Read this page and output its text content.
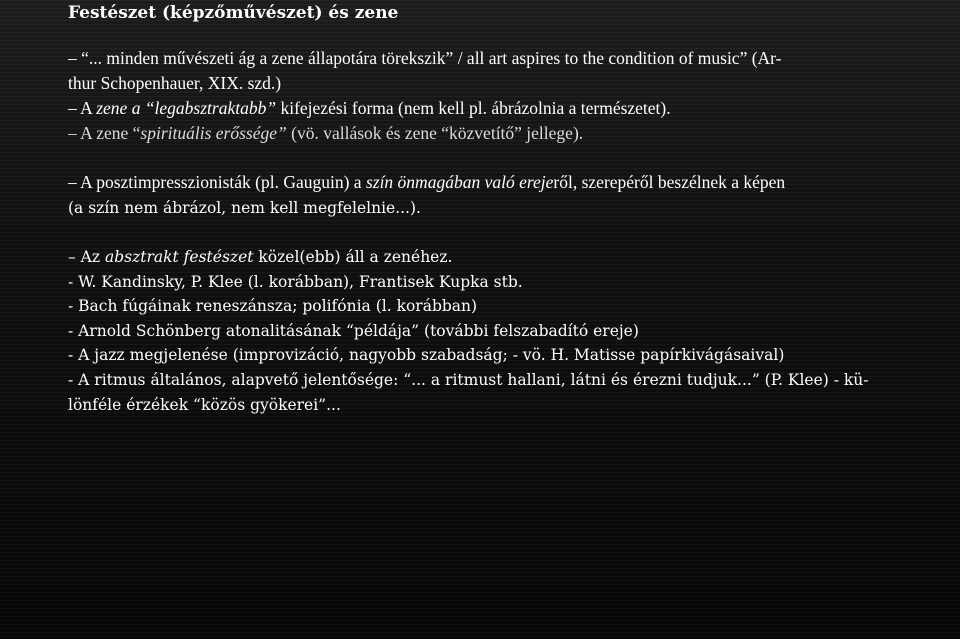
Festészet (képzőművészet) és zene

– “... minden művészeti ág a zene állapotára törekszik” / all art aspires to the condition of music” (Ar-

thur Schopenhauer, XIX. szd.)

– A zene a “legabsztraktabb” kifejezési forma (nem kell pl. ábrázolnia a természetet).

– A zene “spirituális erőssége” (vö. vallások és zene “közvetítő” jellege).

– A posztimpresszionisták (pl. Gauguin) a szín önmagában való erejeről, szerepéről beszélnek a képen

(a szín nem ábrázol, nem kell megfelelnie...).

– Az absztrakt festészet közel(ebb) áll a zenéhez.

- W. Kandinsky, P. Klee (l. korábban), Frantisek Kupka stb.

- Bach fúgáinak reneszánsza; polifónia (l. korábban)

- Arnold Schönberg atonalitásának “példája” (további felszabadító ereje)

- A jazz megjelenése (improvizáció, nagyobb szabadság; - vö. H. Matisse papírkivágásaival)

- A ritmus általános, alapvető jelentősége: “... a ritmust hallani, látni és érezni tudjuk...” (P. Klee) - kü-

lönféle érzékek “közös gyökerei”...
